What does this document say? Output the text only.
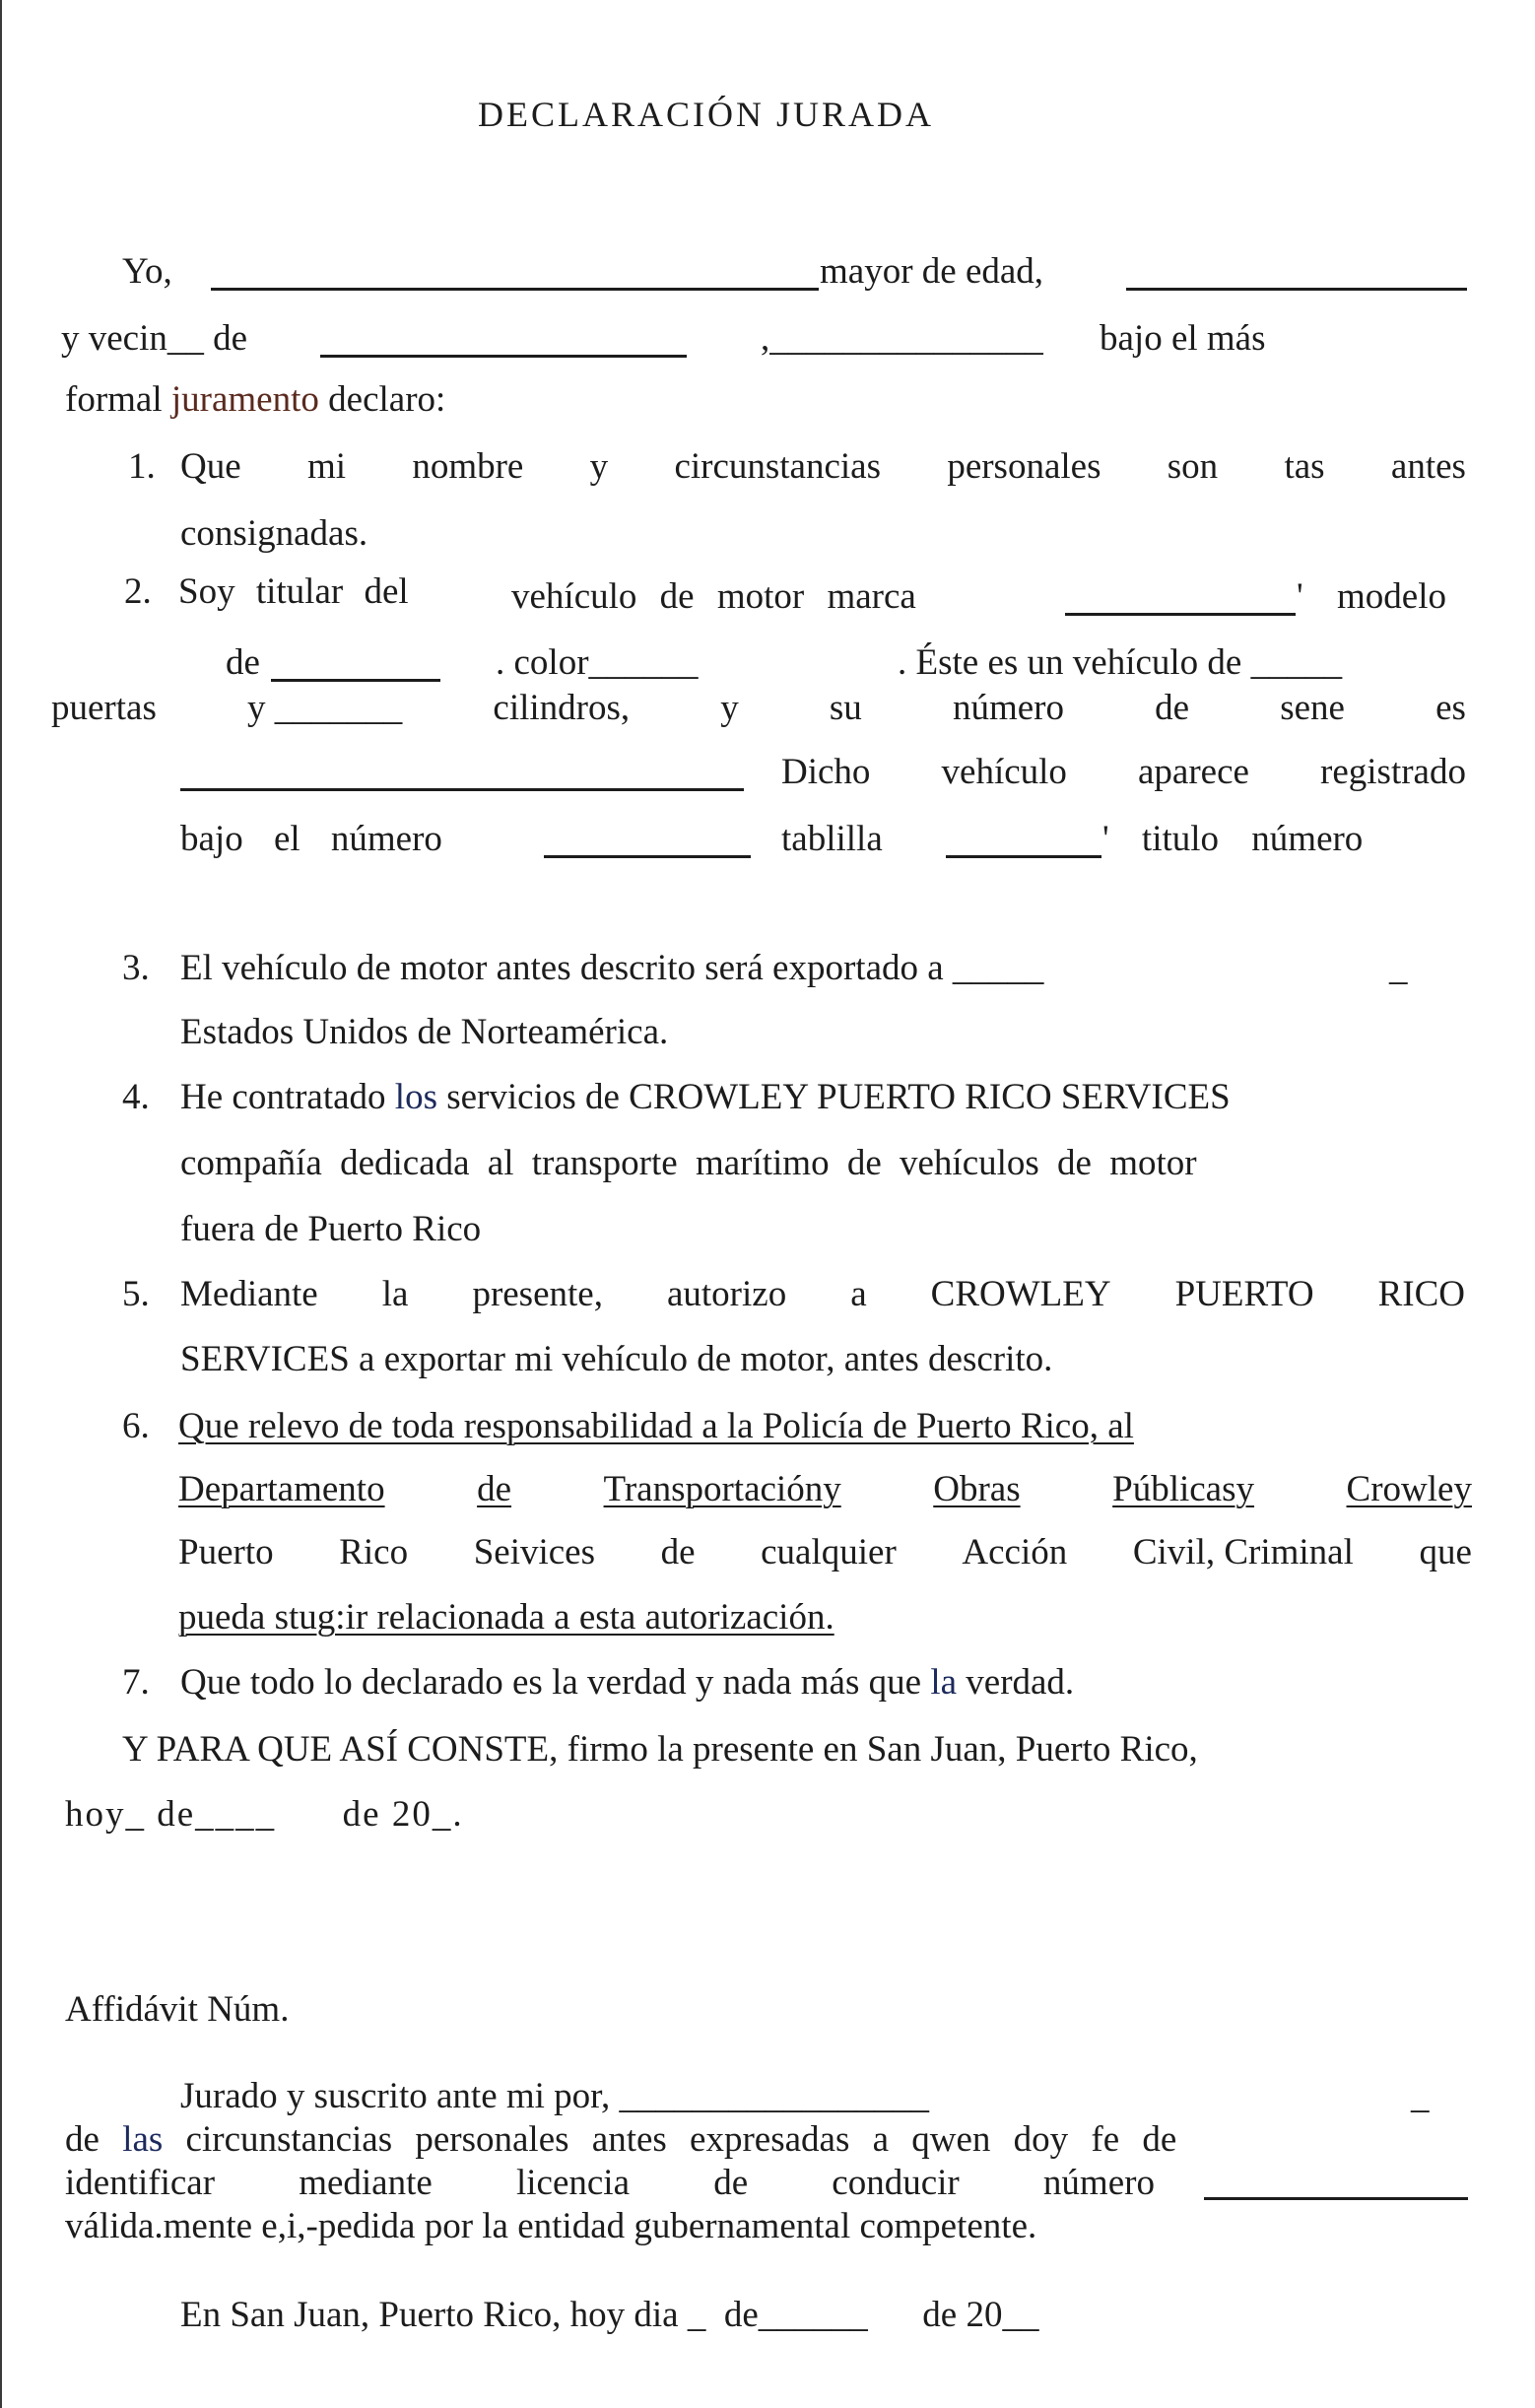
DECLARACIÓN JURADA
Yo,	mayor de edad,
y vecin__ de	,_______________ bajo el más
formal juramento declaro:
1. Que mi nombre y circunstancias personales son tas antes
consignadas.
2. Soy titular del	vehículo de motor marca	' modelo
de	. color______	. Éste es un vehículo de _____
puertas y _______ cilindros, y su número de sene es
Dicho vehículo aparece registrado
bajo el número	tablilla	' titulo número
3. El vehículo de motor antes descrito será exportado a _____	_
Estados Unidos de Norteamérica.
4. He contratado los servicios de CROWLEY PUERTO RICO SERVICES
compañía dedicada al transporte marítimo de vehículos de motor
fuera de Puerto Rico
5. Mediante la presente, autorizo a CROWLEY PUERTO RICO
SERVICES a exportar mi vehículo de motor, antes descrito.
6. Que relevo de toda responsabilidad a la Policía de Puerto Rico, al
Departamento	de	Transportacióny	Obras	Públicasy	Crowley
Puerto Rico Seivices de cualquier Acción Civil, Criminal que
pueda stug:ir relacionada a esta autorización.
7. Que todo lo declarado es la verdad y nada más que la verdad.
Y PARA QUE ASÍ CONSTE, firmo la presente en San Juan, Puerto Rico,
hoy_ de____      de 20_.
Affidávit Núm.
Jurado y suscrito ante mi por, _________________	_
de las circunstancias personales antes expresadas a qwen doy fe de
identificar mediante licencia de conducir número
válida.mente e,i,-pedida por la entidad gubernamental competente.
En San Juan, Puerto Rico, hoy dia _  de______      de 20__
